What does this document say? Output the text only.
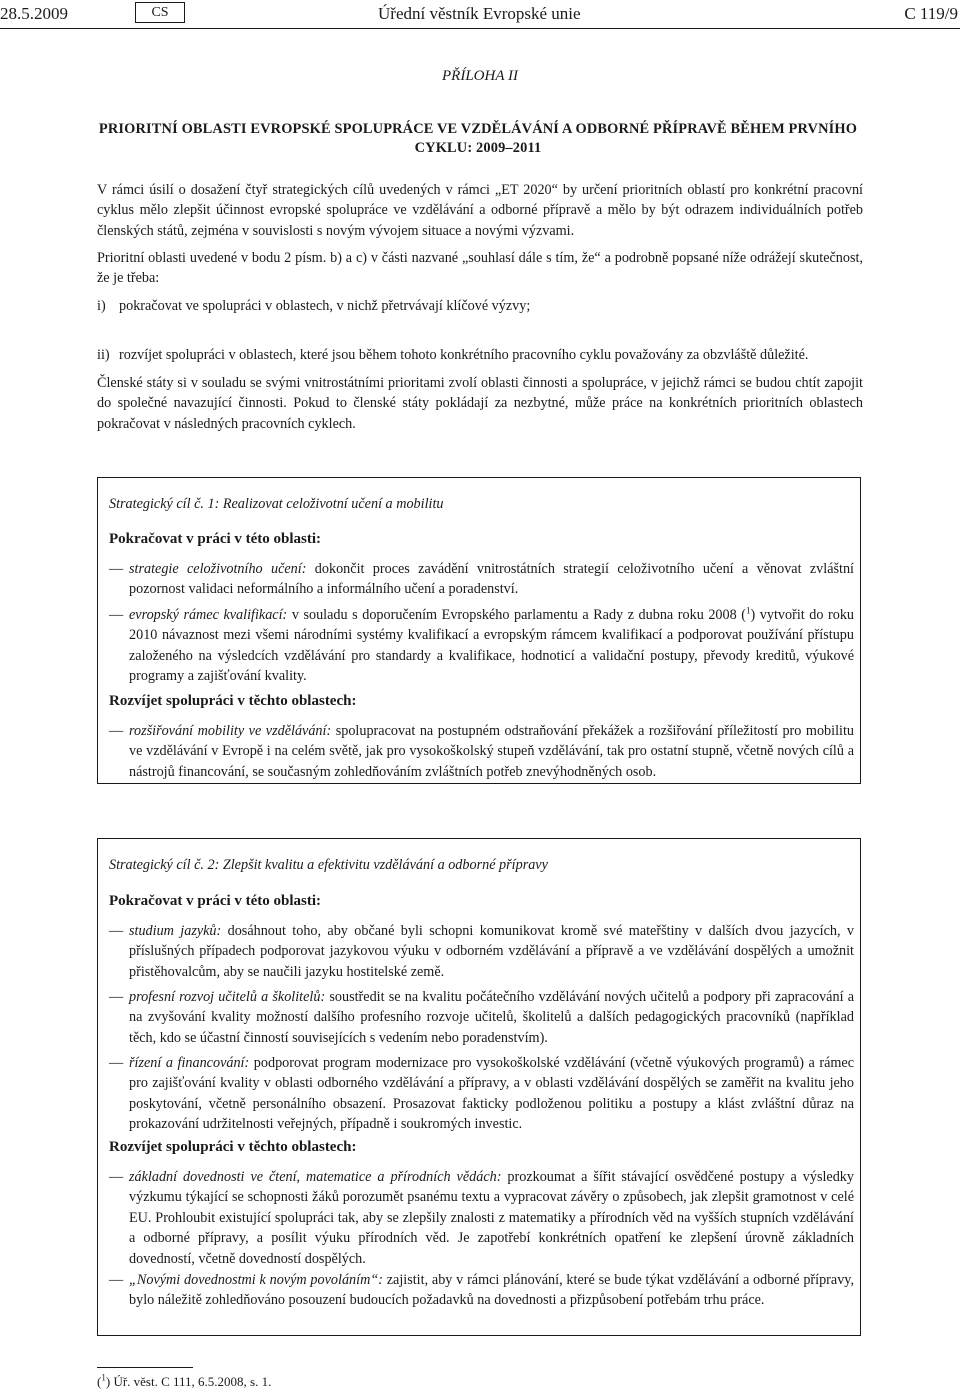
28.5.2009	CS	Úřední věstník Evropské unie	C 119/9
PŘÍLOHA II
PRIORITNÍ OBLASTI EVROPSKÉ SPOLUPRÁCE VE VZDĚLÁVÁNÍ A ODBORNÉ PŘÍPRAVĚ BĚHEM PRVNÍHO CYKLU: 2009–2011

V rámci úsilí o dosažení čtyř strategických cílů uvedených v rámci „ET 2020“ by určení prioritních oblastí pro konkrétní pracovní cyklus mělo zlepšit účinnost evropské spolupráce ve vzdělávání a odborné přípravě a mělo by být odrazem individuálních potřeb členských států, zejména v souvislosti s novým vývojem situace a novými výzvami.

Prioritní oblasti uvedené v bodu 2 písm. b) a c) v části nazvané „souhlasí dále s tím, že“ a podrobně popsané níže odrážejí skutečnost, že je třeba:

i) pokračovat ve spolupráci v oblastech, v nichž přetrvávají klíčové výzvy;
ii) rozvíjet spolupráci v oblastech, které jsou během tohoto konkrétního pracovního cyklu považovány za obzvláště důležité.

Členské státy si v souladu se svými vnitrostátními prioritami zvolí oblasti činnosti a spolupráce, v jejichž rámci se budou chtít zapojit do společné navazující činnosti. Pokud to členské státy pokládají za nezbytné, může práce na konkrétních prioritních oblastech pokračovat v následných pracovních cyklech.

Strategický cíl č. 1: Realizovat celoživotní učení a mobilitu
Pokračovat v práci v této oblasti:
— strategie celoživotního učení: dokončit proces zavádění vnitrostátních strategií celoživotního učení a věnovat zvláštní pozornost validaci neformálního a informálního učení a poradenství.
— evropský rámec kvalifikací: v souladu s doporučením Evropského parlamentu a Rady z dubna roku 2008 ($^1$) vytvořit do roku 2010 návaznost mezi všemi národními systémy kvalifikací a evropským rámcem kvalifikací a podporovat používání přístupu založeného na výsledcích vzdělávání pro standardy a kvalifikace, hodnoticí a validační postupy, převody kreditů, výukové programy a zajišťování kvality.
Rozvíjet spolupráci v těchto oblastech:
— rozšiřování mobility ve vzdělávání: spolupracovat na postupném odstraňování překážek a rozšiřování příležitostí pro mobilitu ve vzdělávání v Evropě i na celém světě, jak pro vysokoškolský stupeň vzdělávání, tak pro ostatní stupně, včetně nových cílů a nástrojů financování, se současným zohledňováním zvláštních potřeb znevýhodněných osob.
Strategický cíl č. 2: Zlepšit kvalitu a efektivitu vzdělávání a odborné přípravy
Pokračovat v práci v této oblasti:
— studium jazyků: dosáhnout toho, aby občané byli schopni komunikovat kromě své mateřštiny v dalších dvou jazycích, v příslušných případech podporovat jazykovou výuku v odborném vzdělávání a přípravě a ve vzdělávání dospělých a umožnit přistěhovalcům, aby se naučili jazyku hostitelské země.
— profesní rozvoj učitelů a školitelů: soustředit se na kvalitu počátečního vzdělávání nových učitelů a podpory při zapracování a na zvyšování kvality možností dalšího profesního rozvoje učitelů, školitelů a dalších pedagogických pracovníků (například těch, kdo se účastní činností souvisejících s vedením nebo poradenstvím).
— řízení a financování: podporovat program modernizace pro vysokoškolské vzdělávání (včetně výukových programů) a rámec pro zajišťování kvality v oblasti odborného vzdělávání a přípravy, a v oblasti vzdělávání dospělých se zaměřit na kvalitu jeho poskytování, včetně personálního obsazení. Prosazovat fakticky podloženou politiku a postupy a klást zvláštní důraz na prokazování udržitelnosti veřejných, případně i soukromých investic.
Rozvíjet spolupráci v těchto oblastech:
— základní dovednosti ve čtení, matematice a přírodních vědách: prozkoumat a šířit stávající osvědčené postupy a výsledky výzkumu týkající se schopnosti žáků porozumět psanému textu a vypracovat závěry o způsobech, jak zlepšit gramotnost v celé EU. Prohloubit existující spolupráci tak, aby se zlepšily znalosti z matematiky a přírodních věd na vyšších stupních vzdělávání a odborné přípravy, a posílit výuku přírodních věd. Je zapotřebí konkrétních opatření ke zlepšení úrovně základních dovedností, včetně dovedností dospělých.
— „Novými dovednostmi k novým povoláním“: zajistit, aby v rámci plánování, které se bude týkat vzdělávání a odborné přípravy, bylo náležitě zohledňováno posouzení budoucích požadavků na dovednosti a přizpůsobení potřebám trhu práce.
($^1$) Úř. věst. C 111, 6.5.2008, s. 1.
